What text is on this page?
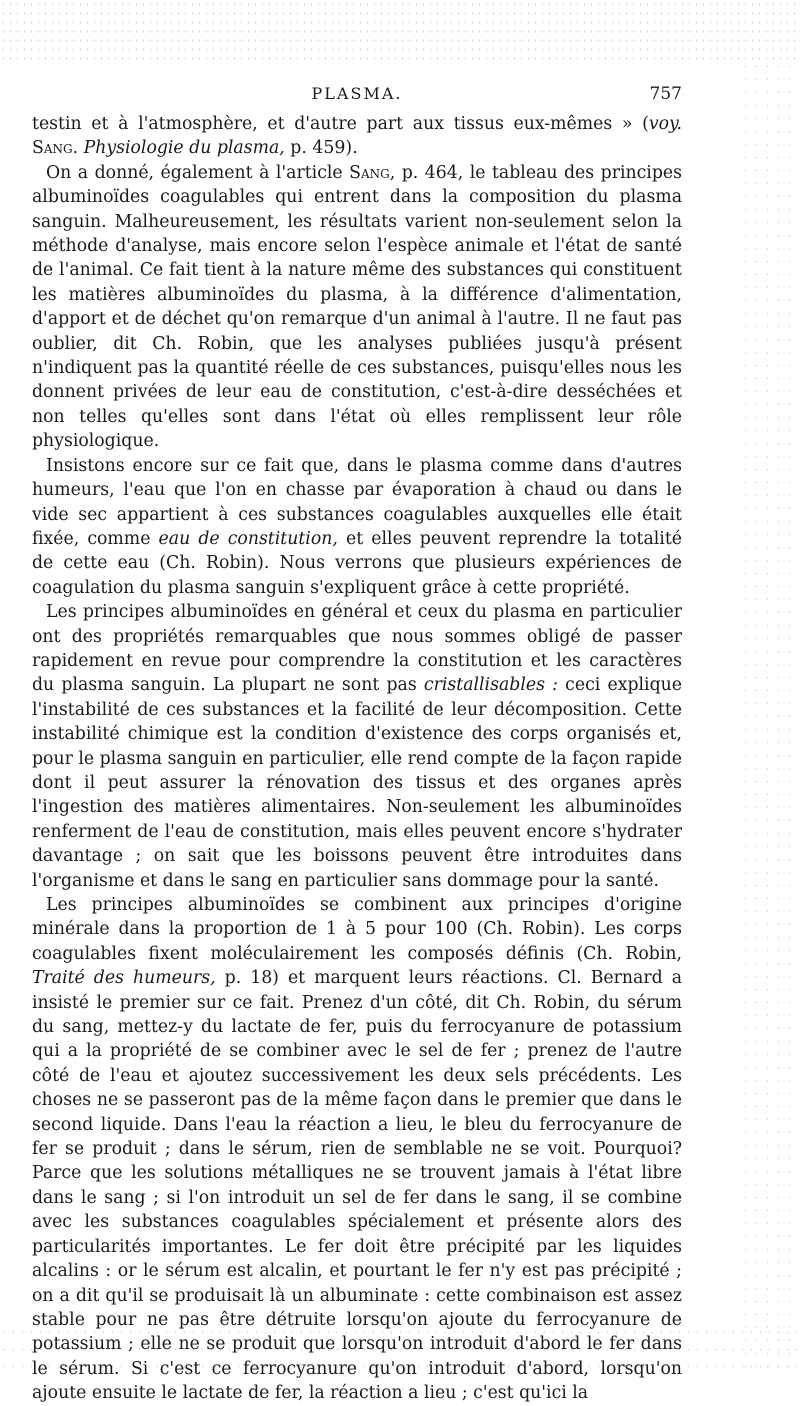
PLASMA.	757

testin et à l'atmosphère, et d'autre part aux tissus eux-mêmes » (voy. Sang. Physiologie du plasma, p. 459).

On a donné, également à l'article Sang, p. 464, le tableau des principes albuminoïdes coagulables qui entrent dans la composition du plasma sanguin. Malheureusement, les résultats varient non-seulement selon la méthode d'analyse, mais encore selon l'espèce animale et l'état de santé de l'animal. Ce fait tient à la nature même des substances qui constituent les matières albuminoïdes du plasma, à la différence d'alimentation, d'apport et de déchet qu'on remarque d'un animal à l'autre. Il ne faut pas oublier, dit Ch. Robin, que les analyses publiées jusqu'à présent n'indiquent pas la quantité réelle de ces substances, puisqu'elles nous les donnent privées de leur eau de constitution, c'est-à-dire desséchées et non telles qu'elles sont dans l'état où elles remplissent leur rôle physiologique.

Insistons encore sur ce fait que, dans le plasma comme dans d'autres humeurs, l'eau que l'on en chasse par évaporation à chaud ou dans le vide sec appartient à ces substances coagulables auxquelles elle était fixée, comme eau de constitution, et elles peuvent reprendre la totalité de cette eau (Ch. Robin). Nous verrons que plusieurs expériences de coagulation du plasma sanguin s'expliquent grâce à cette propriété.

Les principes albuminoïdes en général et ceux du plasma en particulier ont des propriétés remarquables que nous sommes obligé de passer rapidement en revue pour comprendre la constitution et les caractères du plasma sanguin. La plupart ne sont pas cristallisables : ceci explique l'instabilité de ces substances et la facilité de leur décomposition. Cette instabilité chimique est la condition d'existence des corps organisés et, pour le plasma sanguin en particulier, elle rend compte de la façon rapide dont il peut assurer la rénovation des tissus et des organes après l'ingestion des matières alimentaires. Non-seulement les albuminoïdes renferment de l'eau de constitution, mais elles peuvent encore s'hydrater davantage ; on sait que les boissons peuvent être introduites dans l'organisme et dans le sang en particulier sans dommage pour la santé.

Les principes albuminoïdes se combinent aux principes d'origine minérale dans la proportion de 1 à 5 pour 100 (Ch. Robin). Les corps coagulables fixent moléculairement les composés définis (Ch. Robin, Traité des humeurs, p. 18) et marquent leurs réactions. Cl. Bernard a insisté le premier sur ce fait. Prenez d'un côté, dit Ch. Robin, du sérum du sang, mettez-y du lactate de fer, puis du ferrocyanure de potassium qui a la propriété de se combiner avec le sel de fer ; prenez de l'autre côté de l'eau et ajoutez successivement les deux sels précédents. Les choses ne se passeront pas de la même façon dans le premier que dans le second liquide. Dans l'eau la réaction a lieu, le bleu du ferrocyanure de fer se produit ; dans le sérum, rien de semblable ne se voit. Pourquoi? Parce que les solutions métalliques ne se trouvent jamais à l'état libre dans le sang ; si l'on introduit un sel de fer dans le sang, il se combine avec les substances coagulables spécialement et présente alors des particularités importantes. Le fer doit être précipité par les liquides alcalins : or le sérum est alcalin, et pourtant le fer n'y est pas précipité ; on a dit qu'il se produisait là un albuminate : cette combinaison est assez stable pour ne pas être détruite lorsqu'on ajoute du ferrocyanure de potassium ; elle ne se produit que lorsqu'on introduit d'abord le fer dans le sérum. Si c'est ce ferrocyanure qu'on introduit d'abord, lorsqu'on ajoute ensuite le lactate de fer, la réaction a lieu ; c'est qu'ici la
